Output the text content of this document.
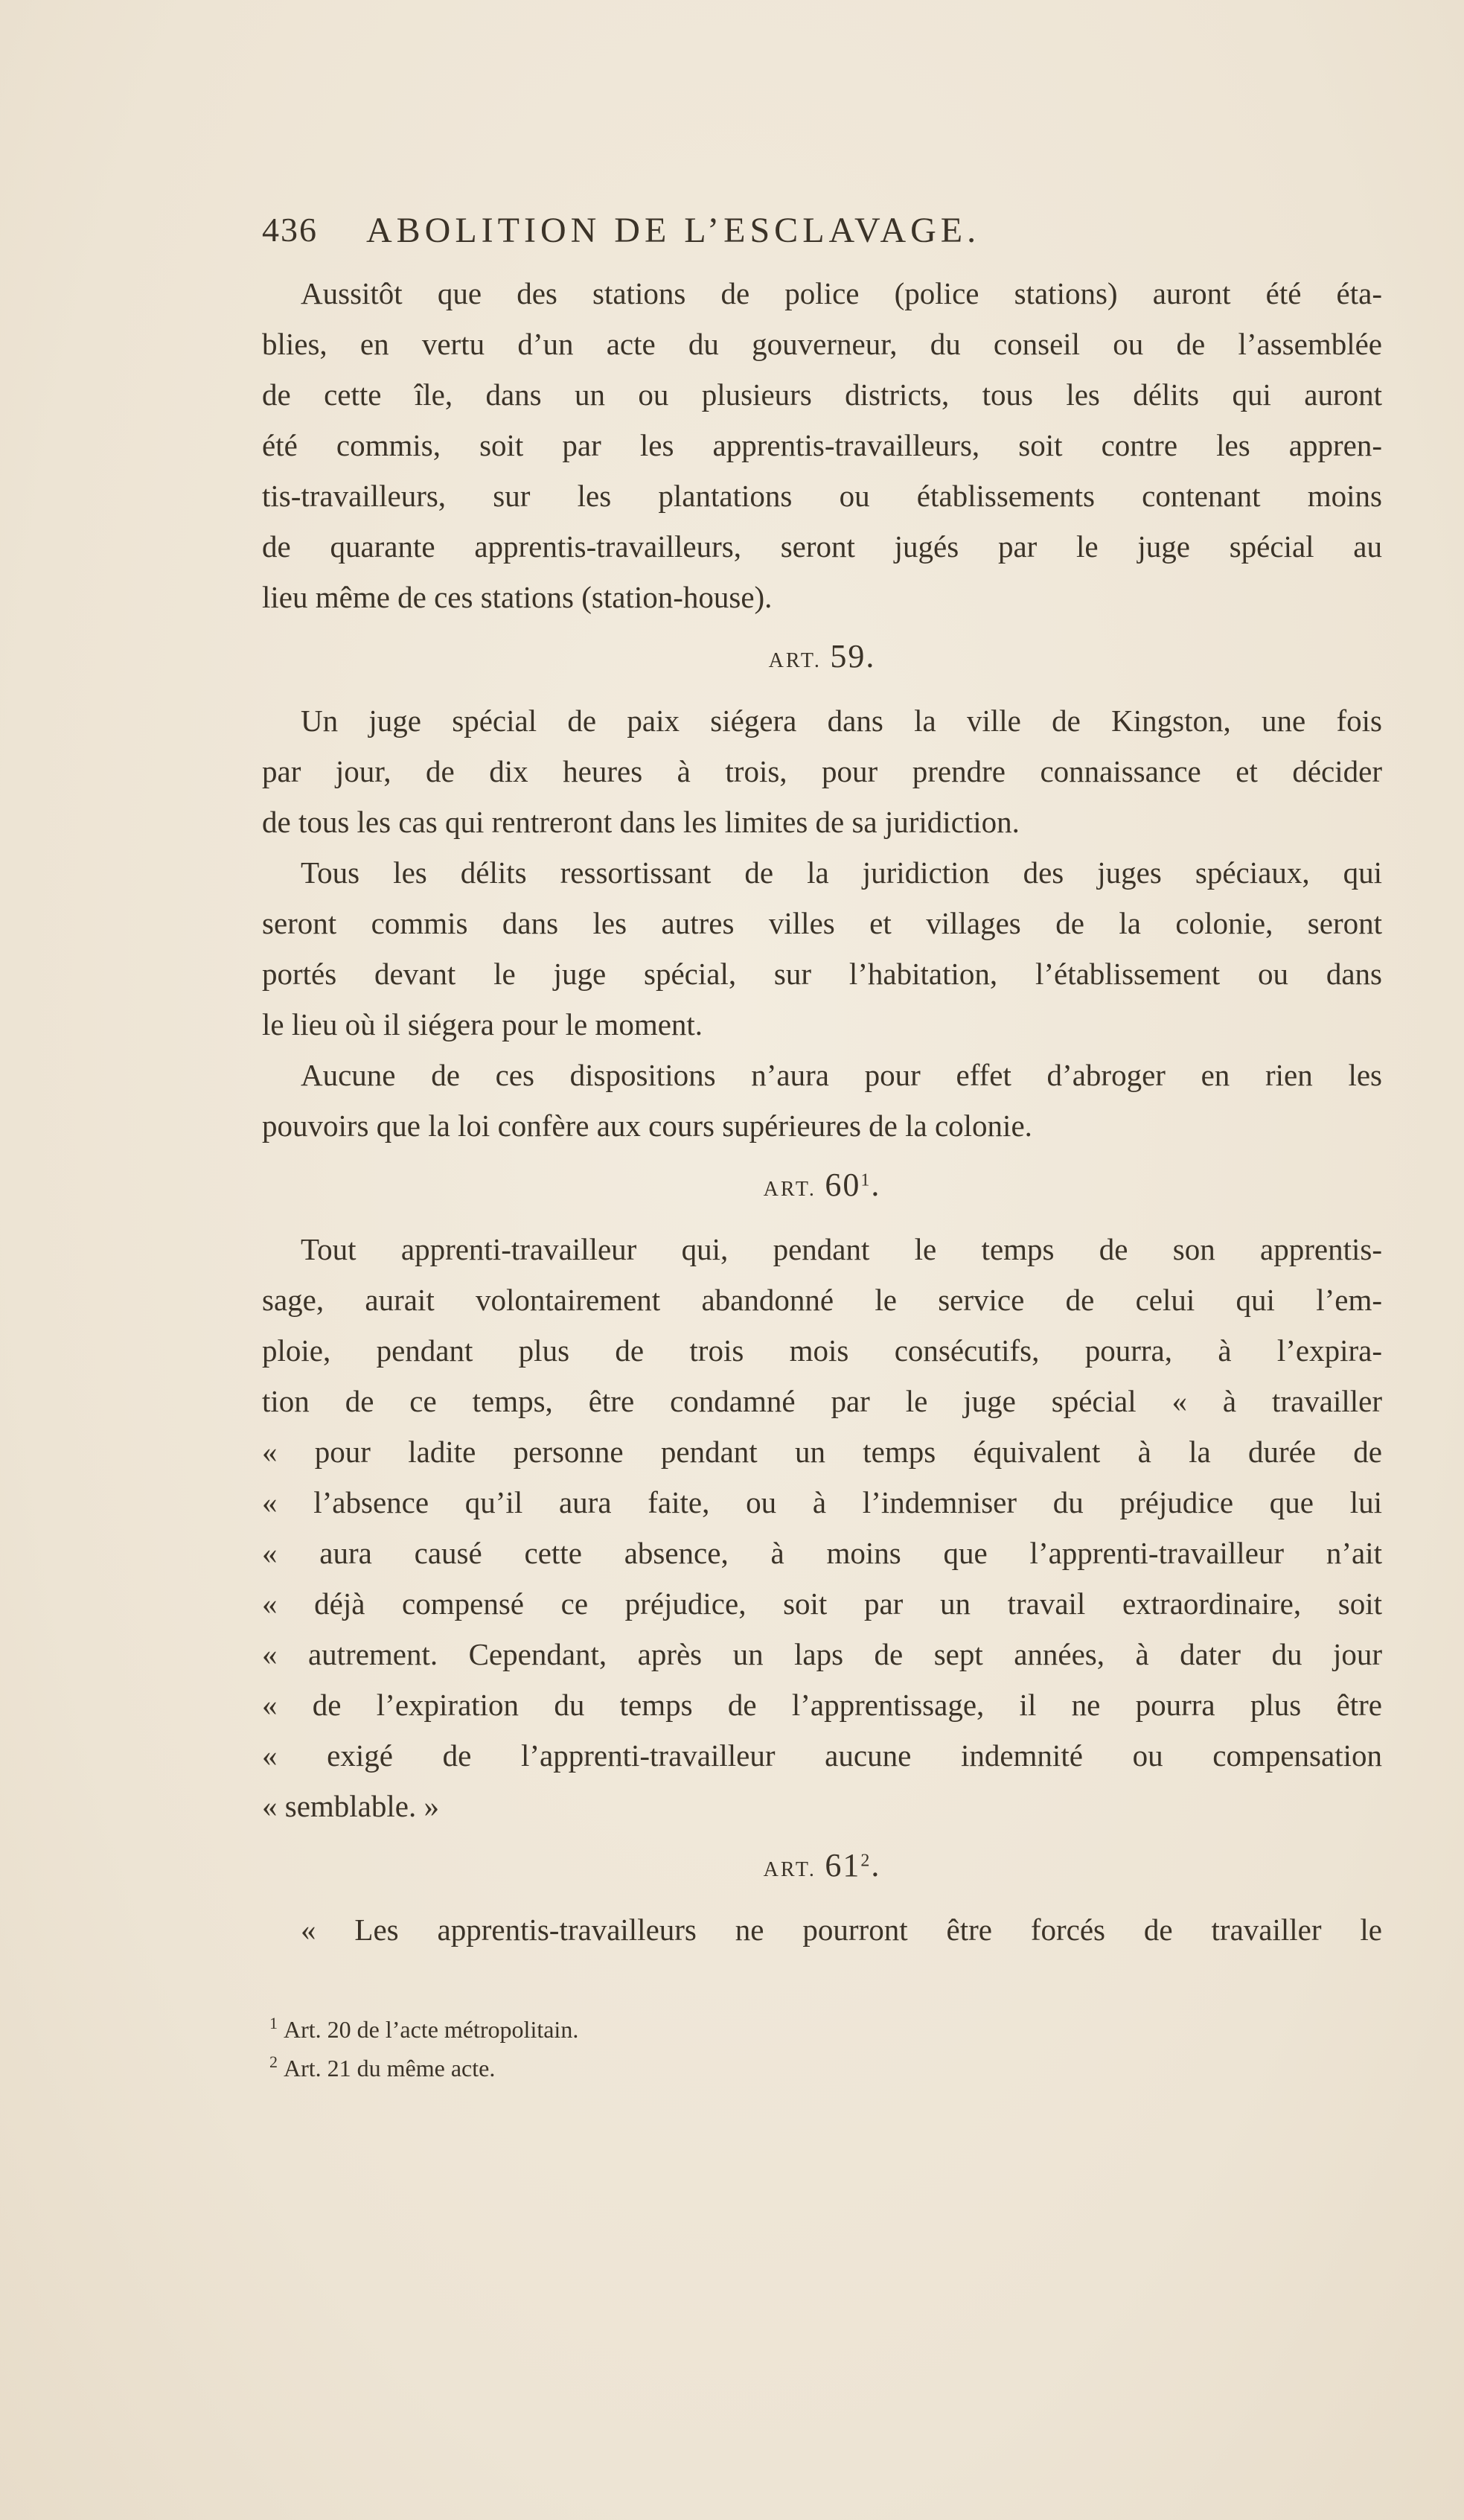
436 ABOLITION DE L’ESCLAVAGE.
Aussitôt que des stations de police (police stations) auront été éta-
blies, en vertu d’un acte du gouverneur, du conseil ou de l’assemblée
de cette île, dans un ou plusieurs districts, tous les délits qui auront
été commis, soit par les apprentis-travailleurs, soit contre les appren-
tis-travailleurs, sur les plantations ou établissements contenant moins
de quarante apprentis-travailleurs, seront jugés par le juge spécial au
lieu même de ces stations (station-house).
ART. 59.
Un juge spécial de paix siégera dans la ville de Kingston, une fois
par jour, de dix heures à trois, pour prendre connaissance et décider
de tous les cas qui rentreront dans les limites de sa juridiction.
Tous les délits ressortissant de la juridiction des juges spéciaux, qui
seront commis dans les autres villes et villages de la colonie, seront
portés devant le juge spécial, sur l’habitation, l’établissement ou dans
le lieu où il siégera pour le moment.
Aucune de ces dispositions n’aura pour effet d’abroger en rien les
pouvoirs que la loi confère aux cours supérieures de la colonie.
ART. $60^1$.
Tout apprenti-travailleur qui, pendant le temps de son apprentis-
sage, aurait volontairement abandonné le service de celui qui l’em-
ploie, pendant plus de trois mois consécutifs, pourra, à l’expira-
tion de ce temps, être condamné par le juge spécial « à travailler
« pour ladite personne pendant un temps équivalent à la durée de
« l’absence qu’il aura faite, ou à l’indemniser du préjudice que lui
« aura causé cette absence, à moins que l’apprenti-travailleur n’ait
« déjà compensé ce préjudice, soit par un travail extraordinaire, soit
« autrement. Cependant, après un laps de sept années, à dater du jour
« de l’expiration du temps de l’apprentissage, il ne pourra plus être
« exigé de l’apprenti-travailleur aucune indemnité ou compensation
« semblable. »
ART. $61^2$.
« Les apprentis-travailleurs ne pourront être forcés de travailler le
$^1$ Art. 20 de l’acte métropolitain.
$^2$ Art. 21 du même acte.
